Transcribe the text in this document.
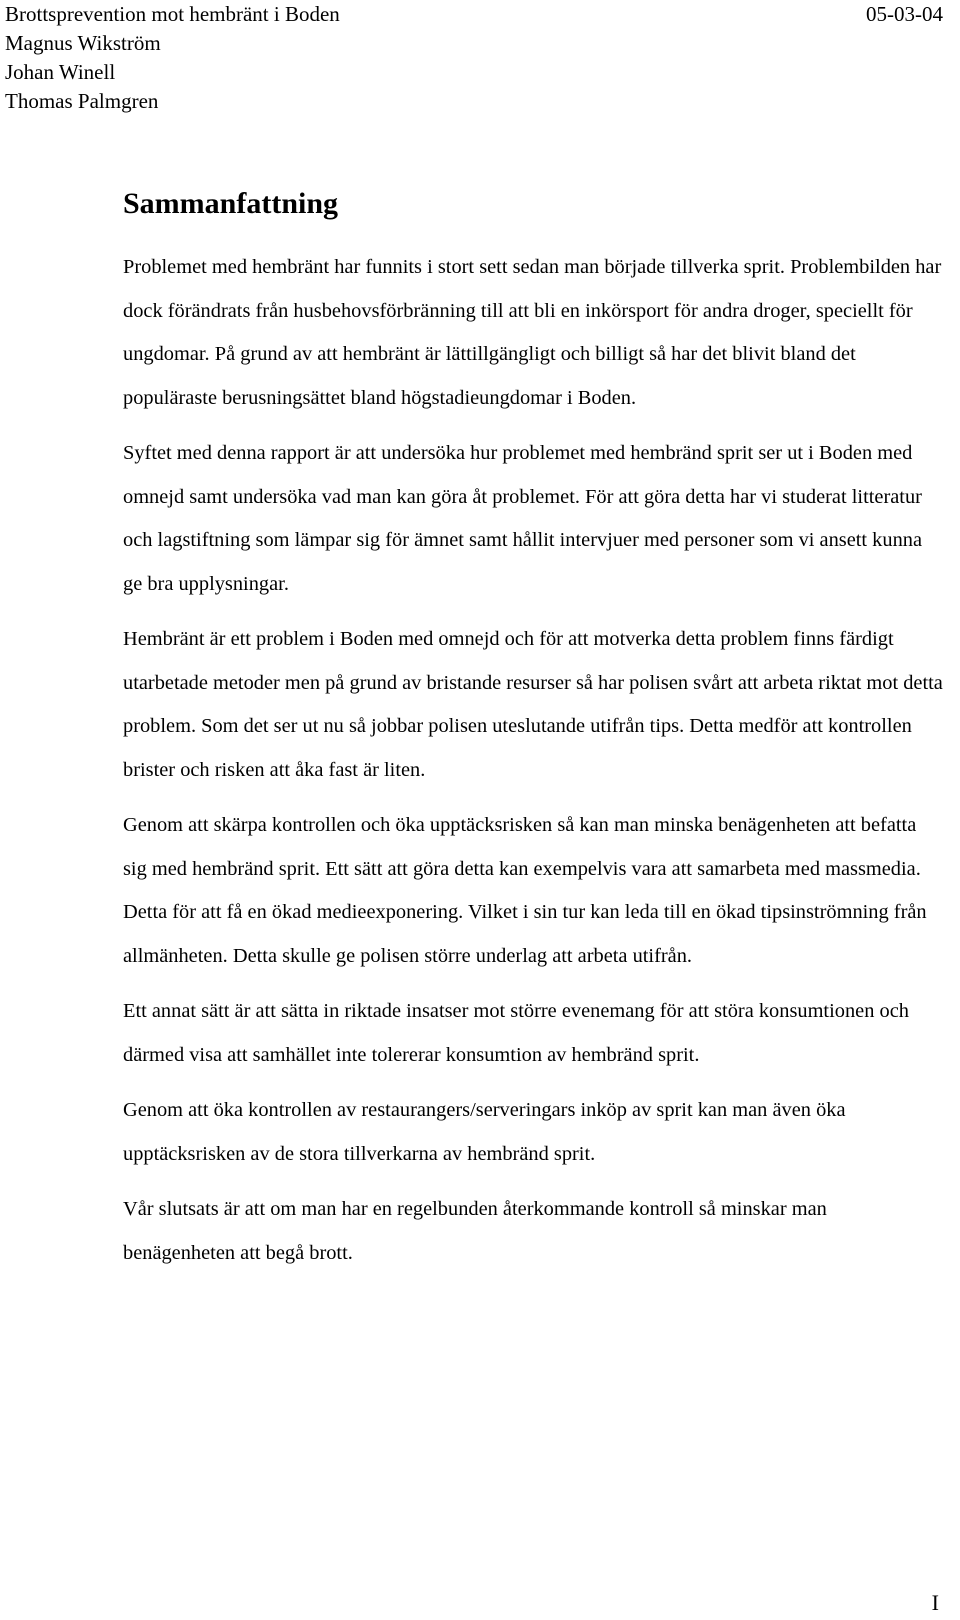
Brottsprevention mot hembränt i Boden
Magnus Wikström
Johan Winell
Thomas Palmgren
05-03-04
Sammanfattning

Problemet med hembränt har funnits i stort sett sedan man började tillverka sprit. Problembilden har dock förändrats från husbehovsförbränning till att bli en inkörsport för andra droger, speciellt för ungdomar. På grund av att hembränt är lättillgängligt och billigt så har det blivit bland det populäraste berusningsättet bland högstadieungdomar i Boden.

Syftet med denna rapport är att undersöka hur problemet med hembränd sprit ser ut i Boden med omnejd samt undersöka vad man kan göra åt problemet. För att göra detta har vi studerat litteratur och lagstiftning som lämpar sig för ämnet samt hållit intervjuer med personer som vi ansett kunna ge bra upplysningar.

Hembränt är ett problem i Boden med omnejd och för att motverka detta problem finns färdigt utarbetade metoder men på grund av bristande resurser så har polisen svårt att arbeta riktat mot detta problem. Som det ser ut nu så jobbar polisen uteslutande utifrån tips. Detta medför att kontrollen brister och risken att åka fast är liten.

Genom att skärpa kontrollen och öka upptäcksrisken så kan man minska benägenheten att befatta sig med hembränd sprit. Ett sätt att göra detta kan exempelvis vara att samarbeta med massmedia. Detta för att få en ökad medieexponering. Vilket i sin tur kan leda till en ökad tipsinströmning från allmänheten. Detta skulle ge polisen större underlag att arbeta utifrån.

Ett annat sätt är att sätta in riktade insatser mot större evenemang för att störa konsumtionen och därmed visa att samhället inte tolererar konsumtion av hembränd sprit.

Genom att öka kontrollen av restaurangers/serveringars inköp av sprit kan man även öka upptäcksrisken av de stora tillverkarna av hembränd sprit.

Vår slutsats är att om man har en regelbunden återkommande kontroll så minskar man benägenheten att begå brott.

I
